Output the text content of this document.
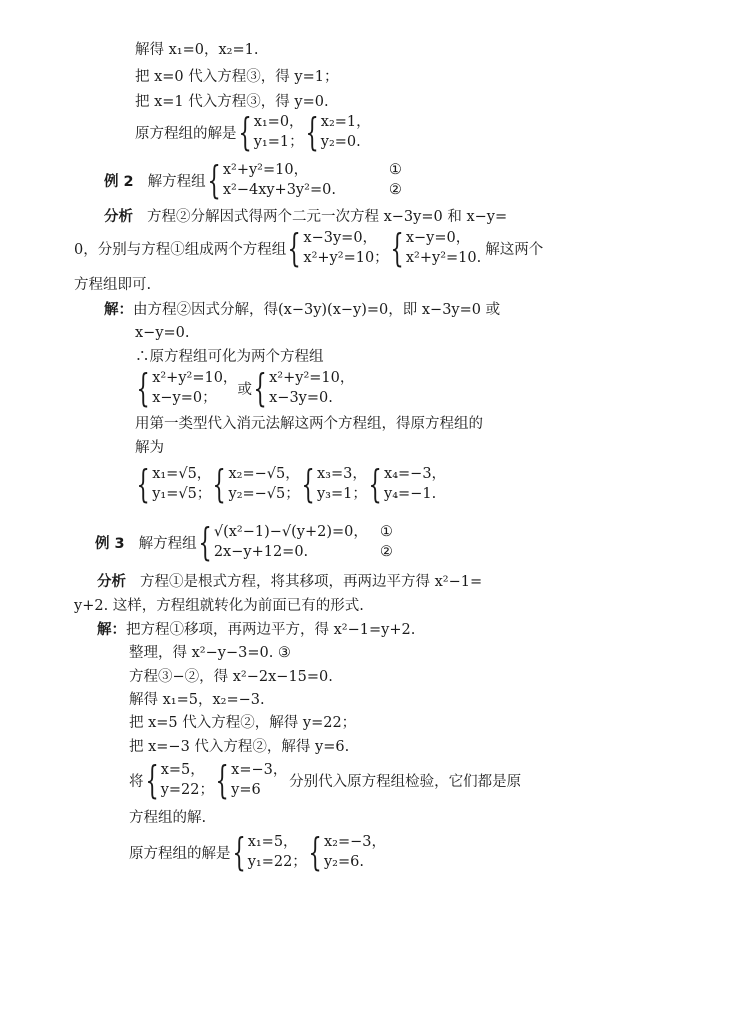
解得 x₁=0，x₂=1.
把 x=0 代入方程③，得 y=1；
把 x=1 代入方程③，得 y=0.
原方程组的解是 { x₁=0，
y₁=1； { x₂=1，
y₂=0.
例 2 解方程组 { x²+y²=10，
x²−4xy+3y²=0.
①
②
分析 方程②分解因式得两个二元一次方程 x−3y=0 和 x−y=
0，分别与方程①组成两个方程组 { x−3y=0，
x²+y²=10； { x−y=0，
x²+y²=10.
解这两个
方程组即可.
解：由方程②因式分解，得(x−3y)(x−y)=0，即 x−3y=0 或
x−y=0.
∴原方程组可化为两个方程组
{ x²+y²=10，
x−y=0；
或 { x²+y²=10，
x−3y=0.
用第一类型代入消元法解这两个方程组，得原方程组的
解为
{ x₁=√5，
y₁=√5； { x₂=−√5，
y₂=−√5； { x₃=3，
y₃=1； { x₄=−3，
y₄=−1.
例 3 解方程组 { √(x²−1)−√(y+2)=0，
2x−y+12=0.
①
②
分析 方程①是根式方程，将其移项，再两边平方得 x²−1=
y+2. 这样，方程组就转化为前面已有的形式.
解：把方程①移项，再两边平方，得 x²−1=y+2.
整理，得 x²−y−3=0. ③
方程③−②，得 x²−2x−15=0.
解得 x₁=5，x₂=−3.
把 x=5 代入方程②，解得 y=22；
把 x=−3 代入方程②，解得 y=6.
将 { x=5，
y=22； { x=−3，
y=6
分别代入原方程组检验，它们都是原
方程组的解.
原方程组的解是 { x₁=5，
y₁=22； { x₂=−3，
y₂=6.
